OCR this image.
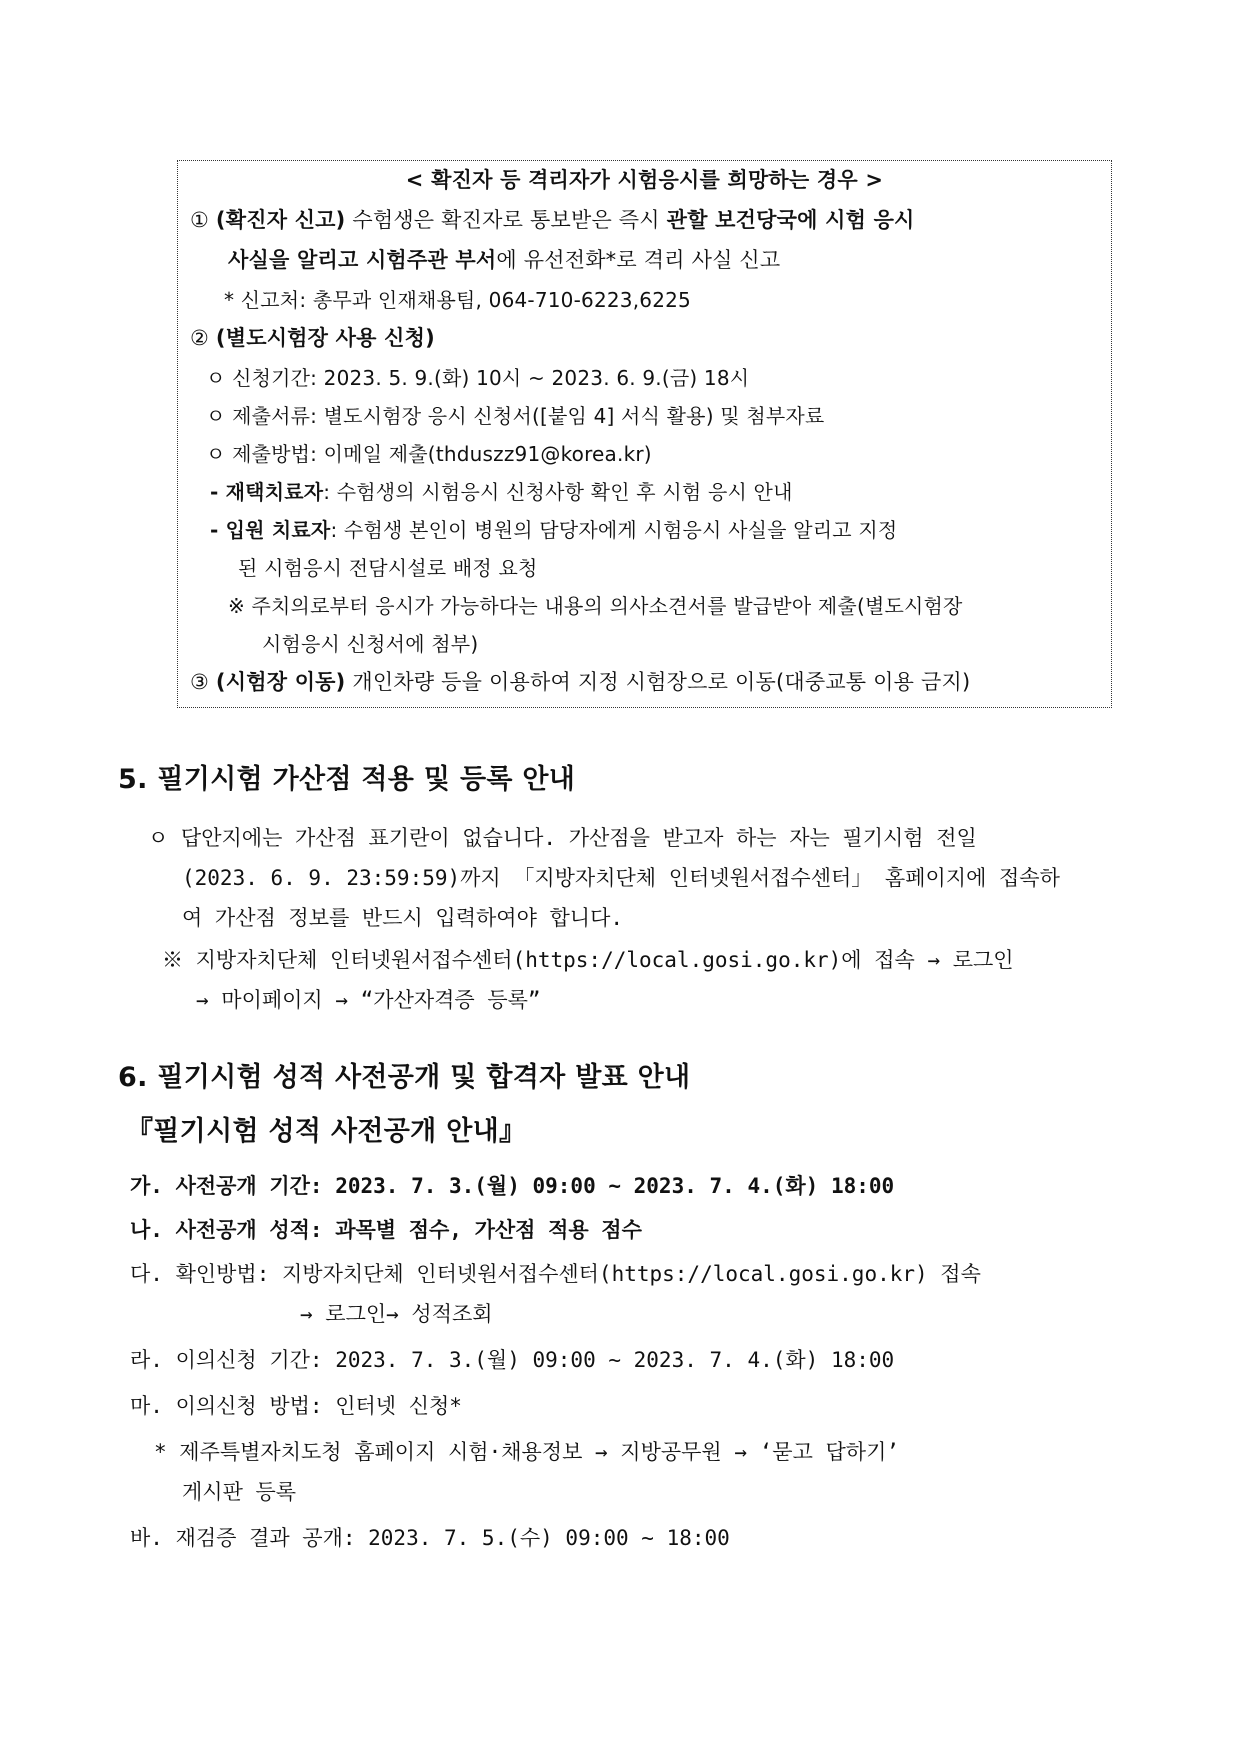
< 확진자 등 격리자가 시험응시를 희망하는 경우 >
① (확진자 신고) 수험생은 확진자로 통보받은 즉시 관할 보건당국에 시험 응시
사실을 알리고 시험주관 부서에 유선전화*로 격리 사실 신고
* 신고처: 총무과 인재채용팀, 064-710-6223,6225
② (별도시험장 사용 신청)
ㅇ 신청기간: 2023. 5. 9.(화) 10시 ~ 2023. 6. 9.(금) 18시
ㅇ 제출서류: 별도시험장 응시 신청서([붙임 4] 서식 활용) 및 첨부자료
ㅇ 제출방법: 이메일 제출(thduszz91@korea.kr)
- 재택치료자: 수험생의 시험응시 신청사항 확인 후 시험 응시 안내
- 입원 치료자: 수험생 본인이 병원의 담당자에게 시험응시 사실을 알리고 지정
된 시험응시 전담시설로 배정 요청
※ 주치의로부터 응시가 가능하다는 내용의 의사소견서를 발급받아 제출(별도시험장
시험응시 신청서에 첨부)
③ (시험장 이동) 개인차량 등을 이용하여 지정 시험장으로 이동(대중교통 이용 금지)
5. 필기시험 가산점 적용 및 등록 안내
ㅇ 답안지에는 가산점 표기란이 없습니다. 가산점을 받고자 하는 자는 필기시험 전일
(2023. 6. 9. 23:59:59)까지 「지방자치단체 인터넷원서접수센터」 홈페이지에 접속하
여 가산점 정보를 반드시 입력하여야 합니다.
※ 지방자치단체 인터넷원서접수센터(https://local.gosi.go.kr)에 접속 → 로그인
→ 마이페이지 → “가산자격증 등록”
6. 필기시험 성적 사전공개 및 합격자 발표 안내
『필기시험 성적 사전공개 안내』
가. 사전공개 기간: 2023. 7. 3.(월) 09:00 ~ 2023. 7. 4.(화) 18:00
나. 사전공개 성적: 과목별 점수, 가산점 적용 점수
다. 확인방법: 지방자치단체 인터넷원서접수센터(https://local.gosi.go.kr) 접속
→ 로그인→ 성적조회
라. 이의신청 기간: 2023. 7. 3.(월) 09:00 ~ 2023. 7. 4.(화) 18:00
마. 이의신청 방법: 인터넷 신청*
* 제주특별자치도청 홈페이지 시험·채용정보 → 지방공무원 → ‘묻고 답하기’
게시판 등록
바. 재검증 결과 공개: 2023. 7. 5.(수) 09:00 ~ 18:00
